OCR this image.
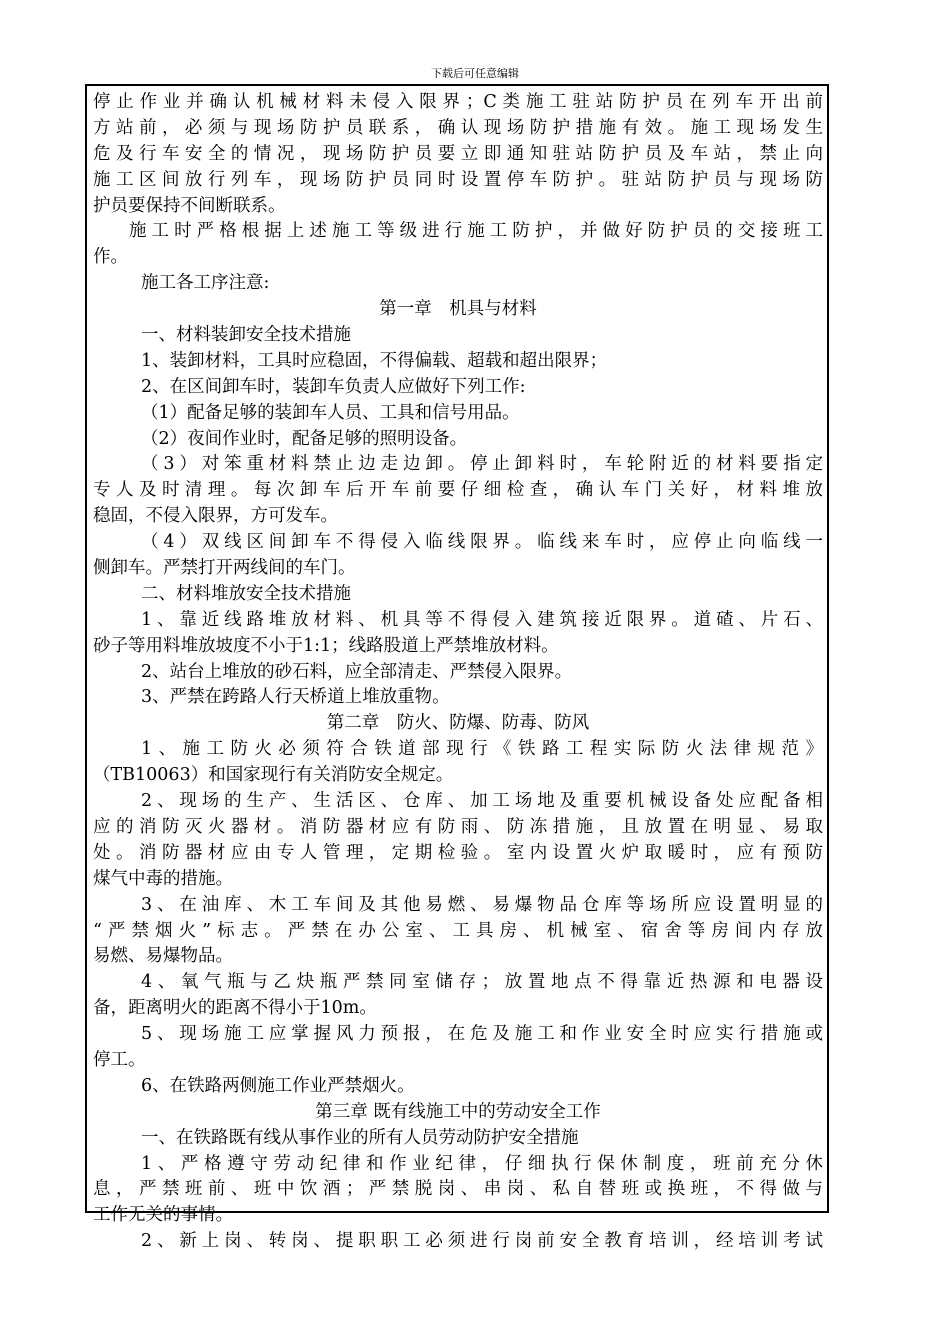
下载后可任意编辑
停止作业并确认机械材料未侵入限界；C类施工驻站防护员在列车开出前
方站前，必须与现场防护员联系，确认现场防护措施有效。施工现场发生
危及行车安全的情况，现场防护员要立即通知驻站防护员及车站，禁止向
施工区间放行列车，现场防护员同时设置停车防护。驻站防护员与现场防
护员要保持不间断联系。
施工时严格根据上述施工等级进行施工防护，并做好防护员的交接班工
作。
施工各工序注意:
第一章　机具与材料
一、材料装卸安全技术措施
1、装卸材料，工具时应稳固，不得偏载、超载和超出限界；
2、在区间卸车时，装卸车负责人应做好下列工作:
（1）配备足够的装卸车人员、工具和信号用品。
（2）夜间作业时，配备足够的照明设备。
（3）对笨重材料禁止边走边卸。停止卸料时，车轮附近的材料要指定
专人及时清理。每次卸车后开车前要仔细检查，确认车门关好，材料堆放
稳固，不侵入限界，方可发车。
（4）双线区间卸车不得侵入临线限界。临线来车时，应停止向临线一
侧卸车。严禁打开两线间的车门。
二、材料堆放安全技术措施
1、靠近线路堆放材料、机具等不得侵入建筑接近限界。道碴、片石、
砂子等用料堆放坡度不小于1:1；线路股道上严禁堆放材料。
2、站台上堆放的砂石料，应全部清走、严禁侵入限界。
3、严禁在跨路人行天桥道上堆放重物。
第二章　防火、防爆、防毒、防风
1、施工防火必须符合铁道部现行《铁路工程实际防火法律规范》
（TB10063）和国家现行有关消防安全规定。
2、现场的生产、生活区、仓库、加工场地及重要机械设备处应配备相
应的消防灭火器材。消防器材应有防雨、防冻措施，且放置在明显、易取
处。消防器材应由专人管理，定期检验。室内设置火炉取暖时，应有预防
煤气中毒的措施。
3、在油库、木工车间及其他易燃、易爆物品仓库等场所应设置明显的
“严禁烟火”标志。严禁在办公室、工具房、机械室、宿舍等房间内存放
易燃、易爆物品。
4、氧气瓶与乙炔瓶严禁同室储存；放置地点不得靠近热源和电器设
备，距离明火的距离不得小于10m。
5、现场施工应掌握风力预报，在危及施工和作业安全时应实行措施或
停工。
6、在铁路两侧施工作业严禁烟火。
第三章 既有线施工中的劳动安全工作
一、在铁路既有线从事作业的所有人员劳动防护安全措施
1、严格遵守劳动纪律和作业纪律，仔细执行保休制度，班前充分休
息，严禁班前、班中饮酒；严禁脱岗、串岗、私自替班或换班，不得做与
工作无关的事情。
2、新上岗、转岗、提职职工必须进行岗前安全教育培训，经培训考试
